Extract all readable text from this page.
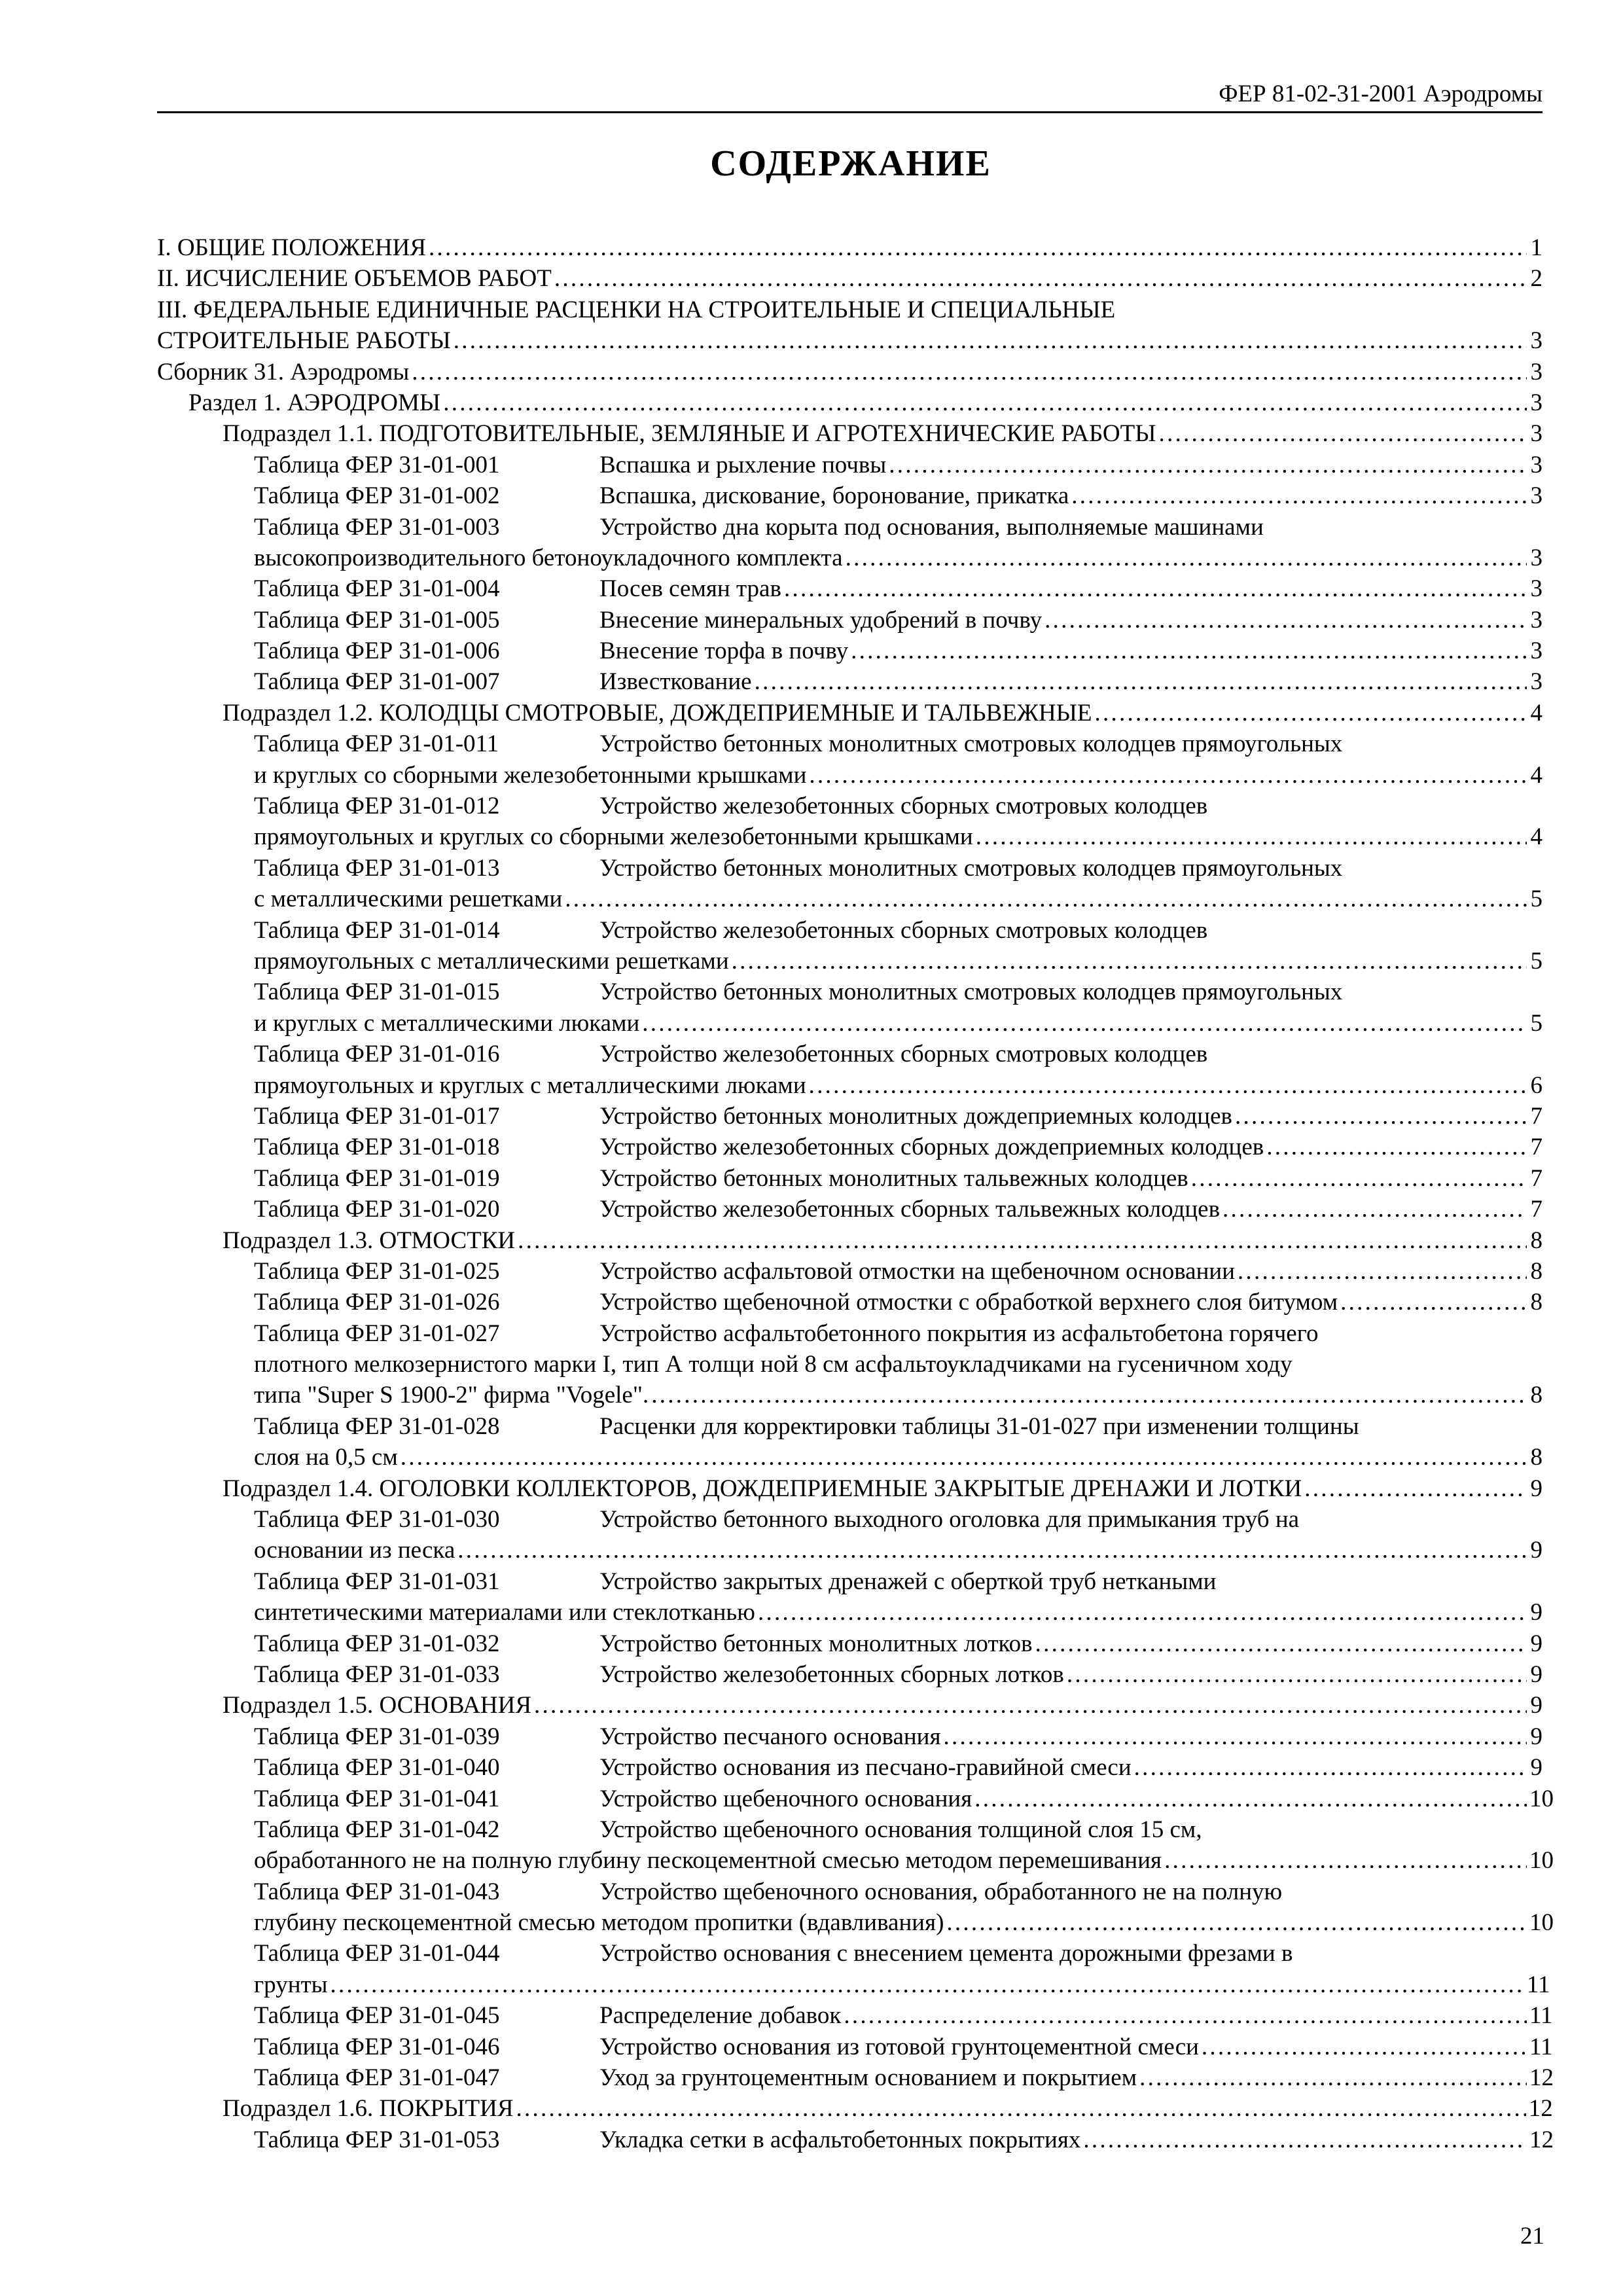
ФЕР 81-02-31-2001 Аэродромы
СОДЕРЖАНИЕ
I. ОБЩИЕ ПОЛОЖЕНИЯ . . .	1
II. ИСЧИСЛЕНИЕ ОБЪЕМОВ РАБОТ . . .	2
III. ФЕДЕРАЛЬНЫЕ ЕДИНИЧНЫЕ РАСЦЕНКИ НА СТРОИТЕЛЬНЫЕ И СПЕЦИАЛЬНЫЕ
СТРОИТЕЛЬНЫЕ РАБОТЫ . . .	3
Сборник 31. Аэродромы . . .	3
Раздел 1. АЭРОДРОМЫ . . .	3
Подраздел 1.1. ПОДГОТОВИТЕЛЬНЫЕ, ЗЕМЛЯНЫЕ И АГРОТЕХНИЧЕСКИЕ РАБОТЫ . . .	3
Таблица ФЕР 31-01-001	Вспашка и рыхление почвы . . .	3
Таблица ФЕР 31-01-002	Вспашка, дискование, боронование, прикатка . . .	3
Таблица ФЕР 31-01-003	Устройство дна корыта под основания, выполняемые машинами
высокопроизводительного бетоноукладочного комплекта . . .	3
Таблица ФЕР 31-01-004	Посев семян трав . . .	3
Таблица ФЕР 31-01-005	Внесение минеральных удобрений в почву . . .	3
Таблица ФЕР 31-01-006	Внесение торфа в почву . . .	3
Таблица ФЕР 31-01-007	Известкование . . .	3
Подраздел 1.2. КОЛОДЦЫ СМОТРОВЫЕ, ДОЖДЕПРИЕМНЫЕ И ТАЛЬВЕЖНЫЕ . . .	4
Таблица ФЕР 31-01-011	Устройство бетонных монолитных смотровых колодцев прямоугольных
и круглых со сборными железобетонными крышками . . .	4
Таблица ФЕР 31-01-012	Устройство железобетонных сборных смотровых колодцев
прямоугольных и круглых со сборными железобетонными крышками . . .	4
Таблица ФЕР 31-01-013	Устройство бетонных монолитных смотровых колодцев прямоугольных
с металлическими решетками . . .	5
Таблица ФЕР 31-01-014	Устройство железобетонных сборных смотровых колодцев
прямоугольных с металлическими решетками . . .	5
Таблица ФЕР 31-01-015	Устройство бетонных монолитных смотровых колодцев прямоугольных
и круглых с металлическими люками . . .	5
Таблица ФЕР 31-01-016	Устройство железобетонных сборных смотровых колодцев
прямоугольных и круглых с металлическими люками . . .	6
Таблица ФЕР 31-01-017	Устройство бетонных монолитных дождеприемных колодцев . . .	7
Таблица ФЕР 31-01-018	Устройство железобетонных сборных дождеприемных колодцев . . .	7
Таблица ФЕР 31-01-019	Устройство бетонных монолитных тальвежных колодцев . . .	7
Таблица ФЕР 31-01-020	Устройство железобетонных сборных тальвежных колодцев . . .	7
Подраздел 1.3. ОТМОСТКИ . . .	8
Таблица ФЕР 31-01-025	Устройство асфальтовой отмостки на щебеночном основании . . .	8
Таблица ФЕР 31-01-026	Устройство щебеночной отмостки с обработкой верхнего слоя битумом . . .	8
Таблица ФЕР 31-01-027	Устройство асфальтобетонного покрытия из асфальтобетона горячего
плотного мелкозернистого марки I, тип А толщи ной 8 см асфальтоукладчиками на гусеничном ходу
типа "Super S 1900-2" фирма "Vogele". . . .	8
Таблица ФЕР 31-01-028	Расценки для корректировки таблицы 31-01-027 при изменении толщины
слоя на 0,5 см . . .	8
Подраздел 1.4. ОГОЛОВКИ КОЛЛЕКТОРОВ, ДОЖДЕПРИЕМНЫЕ ЗАКРЫТЫЕ ДРЕНАЖИ И ЛОТКИ . . .	9
Таблица ФЕР 31-01-030	Устройство бетонного выходного оголовка для примыкания труб на
основании из песка . . .	9
Таблица ФЕР 31-01-031	Устройство закрытых дренажей с оберткой труб неткаными
синтетическими материалами или стеклотканью . . .	9
Таблица ФЕР 31-01-032	Устройство бетонных монолитных лотков . . .	9
Таблица ФЕР 31-01-033	Устройство железобетонных сборных лотков . . .	9
Подраздел 1.5. ОСНОВАНИЯ . . .	9
Таблица ФЕР 31-01-039	Устройство песчаного основания . . .	9
Таблица ФЕР 31-01-040	Устройство основания из песчано-гравийной смеси . . .	9
Таблица ФЕР 31-01-041	Устройство щебеночного основания . . .	10
Таблица ФЕР 31-01-042	Устройство щебеночного основания толщиной слоя 15 см,
обработанного не на полную глубину пескоцементной смесью методом перемешивания . . .	10
Таблица ФЕР 31-01-043	Устройство щебеночного основания, обработанного не на полную
глубину пескоцементной смесью методом пропитки (вдавливания) . . .	10
Таблица ФЕР 31-01-044	Устройство основания с внесением цемента дорожными фрезами в
грунты . . .	11
Таблица ФЕР 31-01-045	Распределение добавок . . .	11
Таблица ФЕР 31-01-046	Устройство основания из готовой грунтоцементной смеси . . .	11
Таблица ФЕР 31-01-047	Уход за грунтоцементным основанием и покрытием . . .	12
Подраздел 1.6. ПОКРЫТИЯ . . .	12
Таблица ФЕР 31-01-053	Укладка сетки в асфальтобетонных покрытиях . . .	12
21
